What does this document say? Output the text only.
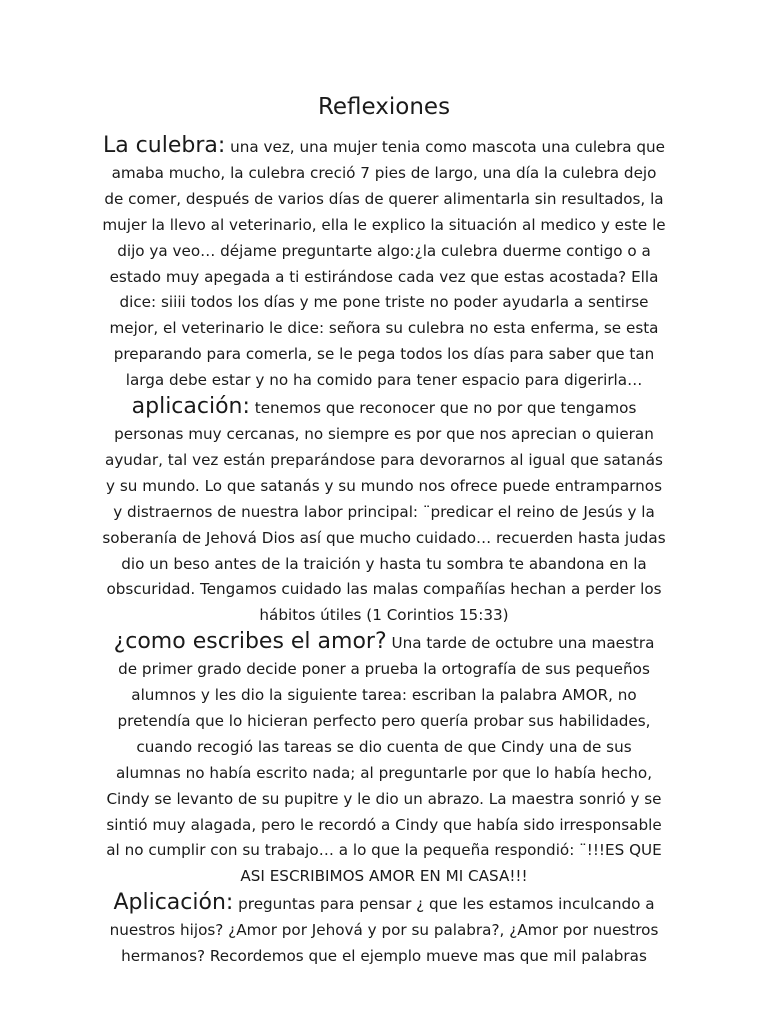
Reflexiones

La culebra: una vez, una mujer tenia como mascota una culebra que amaba mucho, la culebra creció 7 pies de largo, una día la culebra dejo de comer, después de varios días de querer alimentarla sin resultados, la mujer la llevo al veterinario, ella le explico la situación al medico y este le dijo ya veo… déjame preguntarte algo:¿la culebra duerme contigo o a estado muy apegada a ti estirándose cada vez que estas acostada? Ella dice: siiii todos los días y me pone triste no poder ayudarla a sentirse mejor, el veterinario le dice: señora su culebra no esta enferma, se esta preparando para comerla, se le pega todos los días para saber que tan larga debe estar y no ha comido para tener espacio para digerirla… aplicación: tenemos que reconocer que no por que tengamos personas muy cercanas, no siempre es por que nos aprecian o quieran ayudar, tal vez están preparándose para devorarnos al igual que satanás y su mundo. Lo que satanás y su mundo nos ofrece puede entramparnos y distraernos de nuestra labor principal: ¨predicar el reino de Jesús y la soberanía de Jehová Dios así que mucho cuidado… recuerden hasta judas dio un beso antes de la traición y hasta tu sombra te abandona en la obscuridad. Tengamos cuidado las malas compañías hechan a perder los hábitos útiles (1 Corintios 15:33)
¿como escribes el amor? Una tarde de octubre una maestra de primer grado decide poner a prueba la ortografía de sus pequeños alumnos y les dio la siguiente tarea: escriban la palabra AMOR, no pretendía que lo hicieran perfecto pero quería probar sus habilidades, cuando recogió las tareas se dio cuenta de que Cindy una de sus alumnas no había escrito nada; al preguntarle por que lo había hecho, Cindy se levanto de su pupitre y le dio un abrazo. La maestra sonrió y se sintió muy alagada, pero le recordó a Cindy que había sido irresponsable al no cumplir con su trabajo… a lo que la pequeña respondió: ¨!!!ES QUE ASI ESCRIBIMOS AMOR EN MI CASA!!!
Aplicación: preguntas para pensar ¿ que les estamos inculcando a nuestros hijos? ¿Amor por Jehová y por su palabra?, ¿Amor por nuestros hermanos? Recordemos que el ejemplo mueve mas que mil palabras
